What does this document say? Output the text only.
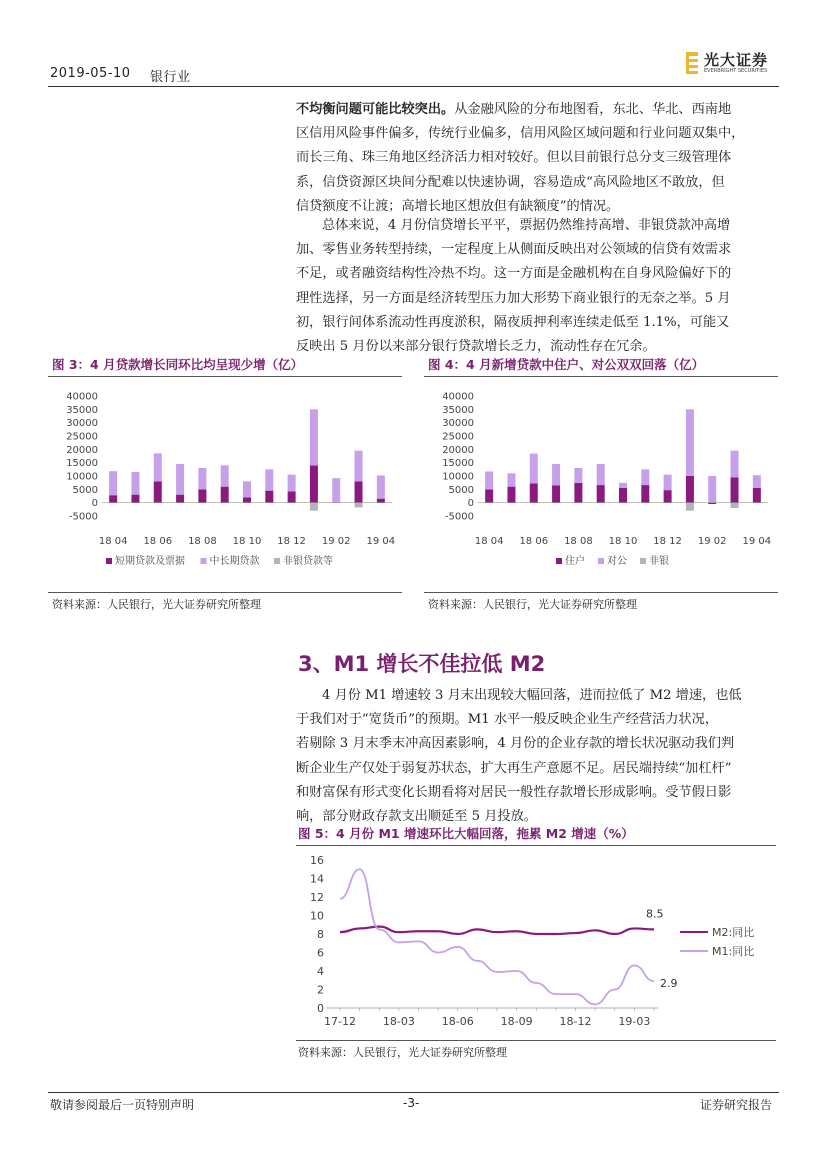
2019-05-10 银行业
光大证券
EVERBRIGHT SECURITIES
不均衡问题可能比较突出。从金融风险的分布地图看，东北、华北、西南地
区信用风险事件偏多，传统行业偏多，信用风险区域问题和行业问题双集中，
而长三角、珠三角地区经济活力相对较好。但以目前银行总分支三级管理体
系，信贷资源区块间分配难以快速协调，容易造成“高风险地区不敢放，但
信贷额度不让渡；高增长地区想放但有缺额度”的情况。
总体来说，4 月份信贷增长平平，票据仍然维持高增、非银贷款冲高增
加、零售业务转型持续，一定程度上从侧面反映出对公领域的信贷有效需求
不足，或者融资结构性冷热不均。这一方面是金融机构在自身风险偏好下的
理性选择，另一方面是经济转型压力加大形势下商业银行的无奈之举。5 月
初，银行间体系流动性再度淤积，隔夜质押利率连续走低至 1.1%，可能又
反映出 5 月份以来部分银行贷款增长乏力，流动性存在冗余。
图 3：4 月贷款增长同环比均呈现少增（亿）	图 4：4 月新增贷款中住户、对公双双回落（亿）
40000
35000
30000
25000
20000
15000
10000
5000
0
-5000
18 04 18 06 18 08 18 10 18 12 19 02 19 04
短期贷款及票据 中长期贷款 非银贷款等
40000
35000
30000
25000
20000
15000
10000
5000
0
-5000
18 04 18 06 18 08 18 10 18 12 19 02 19 04
住户 对公 非银
资料来源：人民银行，光大证券研究所整理	资料来源：人民银行，光大证券研究所整理
3、M1 增长不佳拉低 M2
4 月份 M1 增速较 3 月末出现较大幅回落，进而拉低了 M2 增速，也低
于我们对于“宽货币”的预期。M1 水平一般反映企业生产经营活力状况，
若剔除 3 月末季末冲高因素影响，4 月份的企业存款的增长状况驱动我们判
断企业生产仅处于弱复苏状态，扩大再生产意愿不足。居民端持续“加杠杆”
和财富保有形式变化长期看将对居民一般性存款增长形成影响。受节假日影
响，部分财政存款支出顺延至 5 月投放。
图 5：4 月份 M1 增速环比大幅回落，拖累 M2 增速（%）
16
14
12
10
8
6
4
2
0
17-12 18-03 18-06 18-09 18-12 19-03
M2:同比
M1:同比
8.5
2.9
资料来源：人民银行，光大证券研究所整理
敬请参阅最后一页特别声明	-3-	证券研究报告
